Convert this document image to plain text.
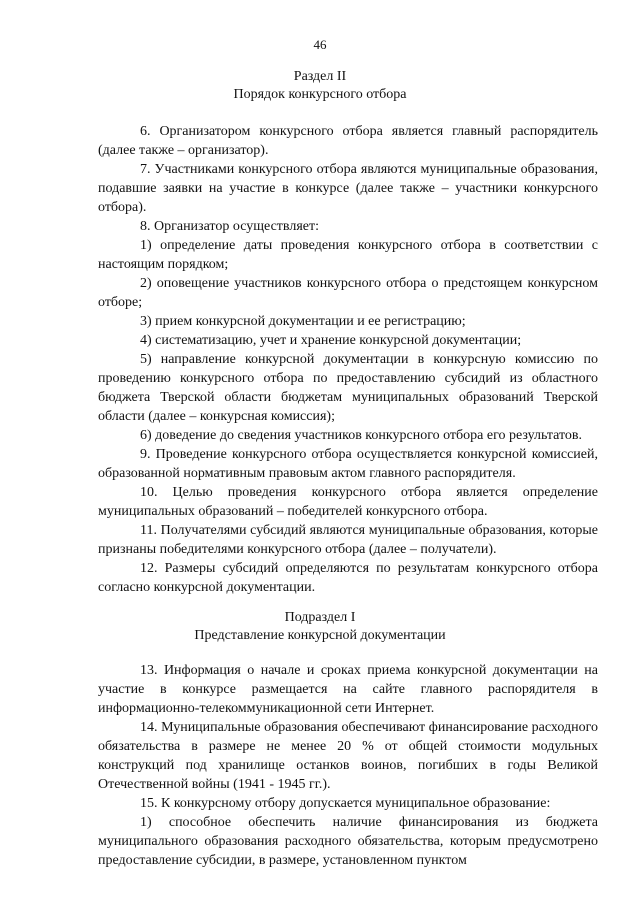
46
Раздел II
Порядок конкурсного отбора

6. Организатором конкурсного отбора является главный распорядитель (далее также – организатор).

7. Участниками конкурсного отбора являются муниципальные образования, подавшие заявки на участие в конкурсе (далее также – участники конкурсного отбора).

8. Организатор осуществляет:

1) определение даты проведения конкурсного отбора в соответствии с настоящим порядком;

2) оповещение участников конкурсного отбора о предстоящем конкурсном отборе;

3) прием конкурсной документации и ее регистрацию;

4) систематизацию, учет и хранение конкурсной документации;

5) направление конкурсной документации в конкурсную комиссию по проведению конкурсного отбора по предоставлению субсидий из областного бюджета Тверской области бюджетам муниципальных образований Тверской области (далее – конкурсная комиссия);

6) доведение до сведения участников конкурсного отбора его результатов.

9. Проведение конкурсного отбора осуществляется конкурсной комиссией, образованной нормативным правовым актом главного распорядителя.

10. Целью проведения конкурсного отбора является определение муниципальных образований – победителей конкурсного отбора.

11. Получателями субсидий являются муниципальные образования, которые признаны победителями конкурсного отбора (далее – получатели).

12. Размеры субсидий определяются по результатам конкурсного отбора согласно конкурсной документации.

Подраздел I
Представление конкурсной документации

13. Информация о начале и сроках приема конкурсной документации на участие в конкурсе размещается на сайте главного распорядителя в информационно-телекоммуникационной сети Интернет.

14. Муниципальные образования обеспечивают финансирование расходного обязательства в размере не менее 20 % от общей стоимости модульных конструкций под хранилище останков воинов, погибших в годы Великой Отечественной войны (1941 - 1945 гг.).

15. К конкурсному отбору допускается муниципальное образование:

1) способное обеспечить наличие финансирования из бюджета муниципального образования расходного обязательства, которым предусмотрено предоставление субсидии, в размере, установленном пунктом
